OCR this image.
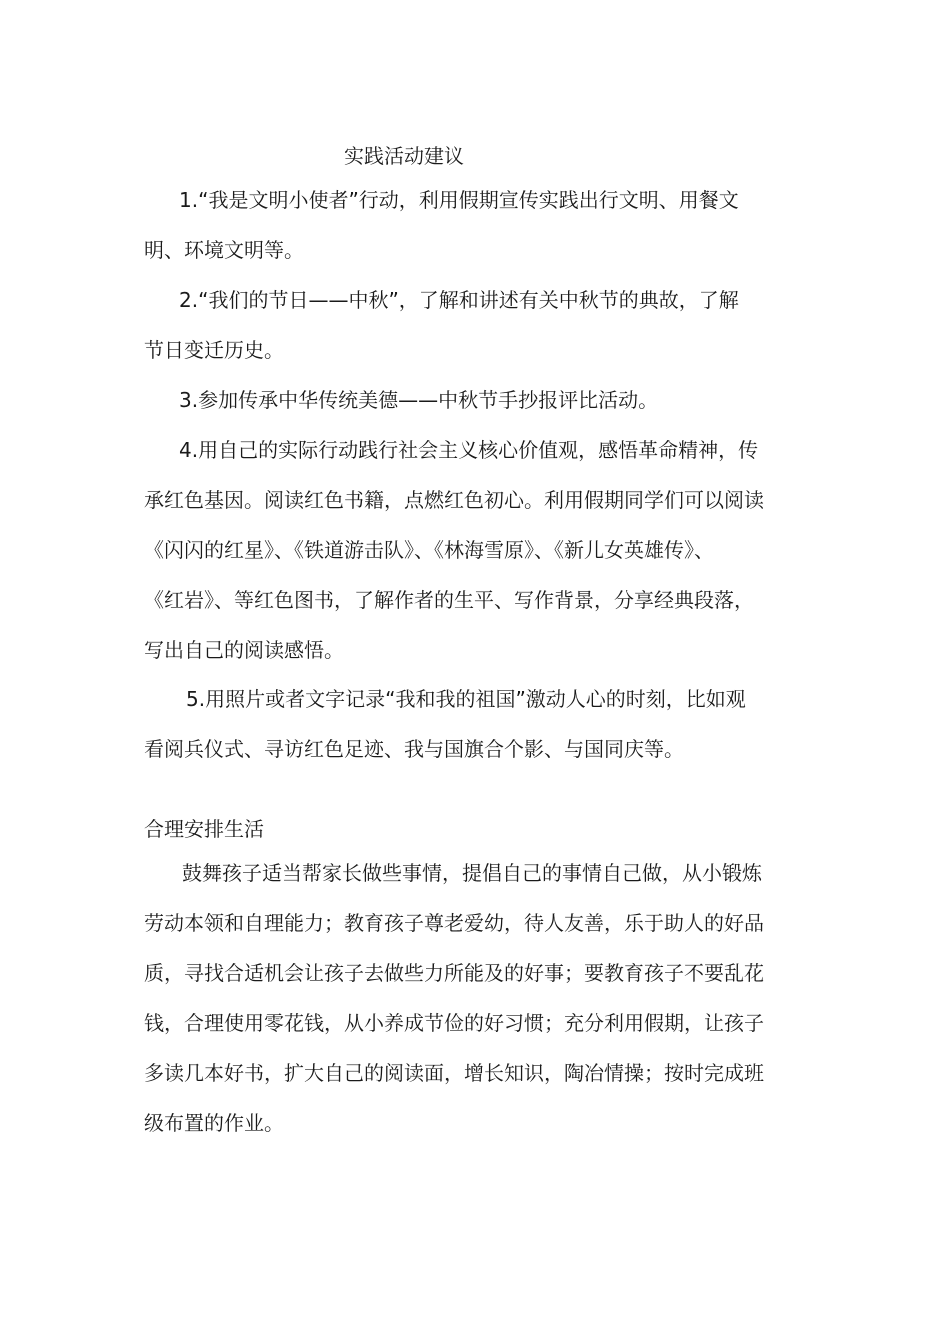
实践活动建议
1.“我是文明小使者”行动，利用假期宣传实践出行文明、用餐文
明、环境文明等。
2.“我们的节日——中秋”，了解和讲述有关中秋节的典故，了解
节日变迁历史。
3.参加传承中华传统美德——中秋节手抄报评比活动。
4.用自己的实际行动践行社会主义核心价值观，感悟革命精神，传
承红色基因。阅读红色书籍，点燃红色初心。利用假期同学们可以阅读
《闪闪的红星》、《铁道游击队》、《林海雪原》、《新儿女英雄传》、
《红岩》、等红色图书，了解作者的生平、写作背景，分享经典段落，
写出自己的阅读感悟。
5.用照片或者文字记录“我和我的祖国”激动人心的时刻，比如观
看阅兵仪式、寻访红色足迹、我与国旗合个影、与国同庆等。
合理安排生活
鼓舞孩子适当帮家长做些事情，提倡自己的事情自己做，从小锻炼
劳动本领和自理能力；教育孩子尊老爱幼，待人友善，乐于助人的好品
质，寻找合适机会让孩子去做些力所能及的好事；要教育孩子不要乱花
钱，合理使用零花钱，从小养成节俭的好习惯；充分利用假期，让孩子
多读几本好书，扩大自己的阅读面，增长知识，陶冶情操；按时完成班
级布置的作业。
